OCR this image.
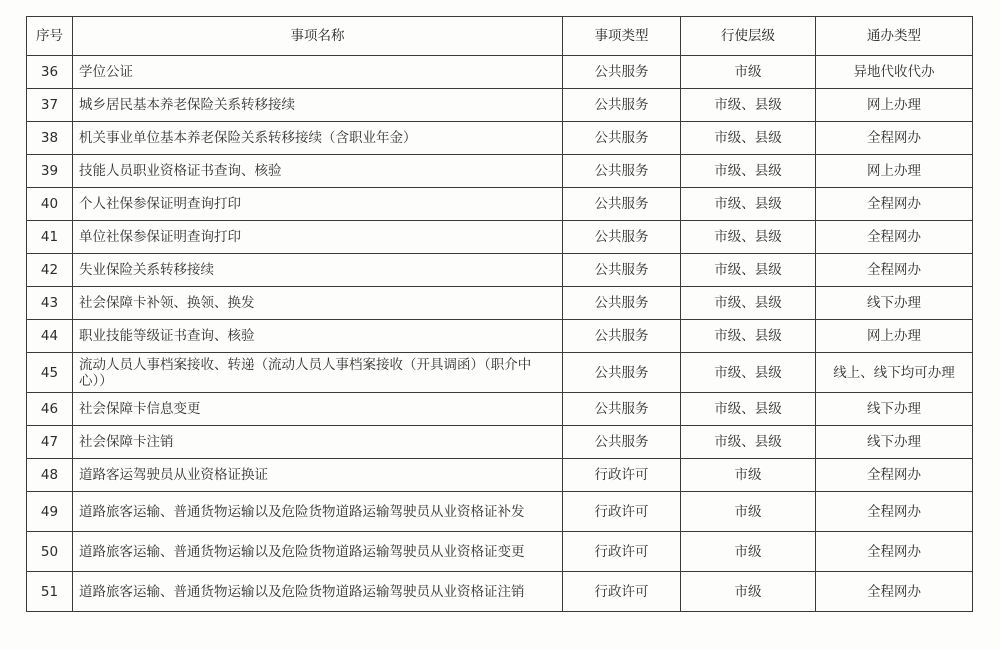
序号	事项名称	事项类型	行使层级	通办类型
36	学位公证	公共服务	市级	异地代收代办
37	城乡居民基本养老保险关系转移接续	公共服务	市级、县级	网上办理
38	机关事业单位基本养老保险关系转移接续（含职业年金）	公共服务	市级、县级	全程网办
39	技能人员职业资格证书查询、核验	公共服务	市级、县级	网上办理
40	个人社保参保证明查询打印	公共服务	市级、县级	全程网办
41	单位社保参保证明查询打印	公共服务	市级、县级	全程网办
42	失业保险关系转移接续	公共服务	市级、县级	全程网办
43	社会保障卡补领、换领、换发	公共服务	市级、县级	线下办理
44	职业技能等级证书查询、核验	公共服务	市级、县级	网上办理
45	流动人员人事档案接收、转递（流动人员人事档案接收（开具调函）（职介中心））	公共服务	市级、县级	线上、线下均可办理
46	社会保障卡信息变更	公共服务	市级、县级	线下办理
47	社会保障卡注销	公共服务	市级、县级	线下办理
48	道路客运驾驶员从业资格证换证	行政许可	市级	全程网办
49	道路旅客运输、普通货物运输以及危险货物道路运输驾驶员从业资格证补发	行政许可	市级	全程网办
50	道路旅客运输、普通货物运输以及危险货物道路运输驾驶员从业资格证变更	行政许可	市级	全程网办
51	道路旅客运输、普通货物运输以及危险货物道路运输驾驶员从业资格证注销	行政许可	市级	全程网办
